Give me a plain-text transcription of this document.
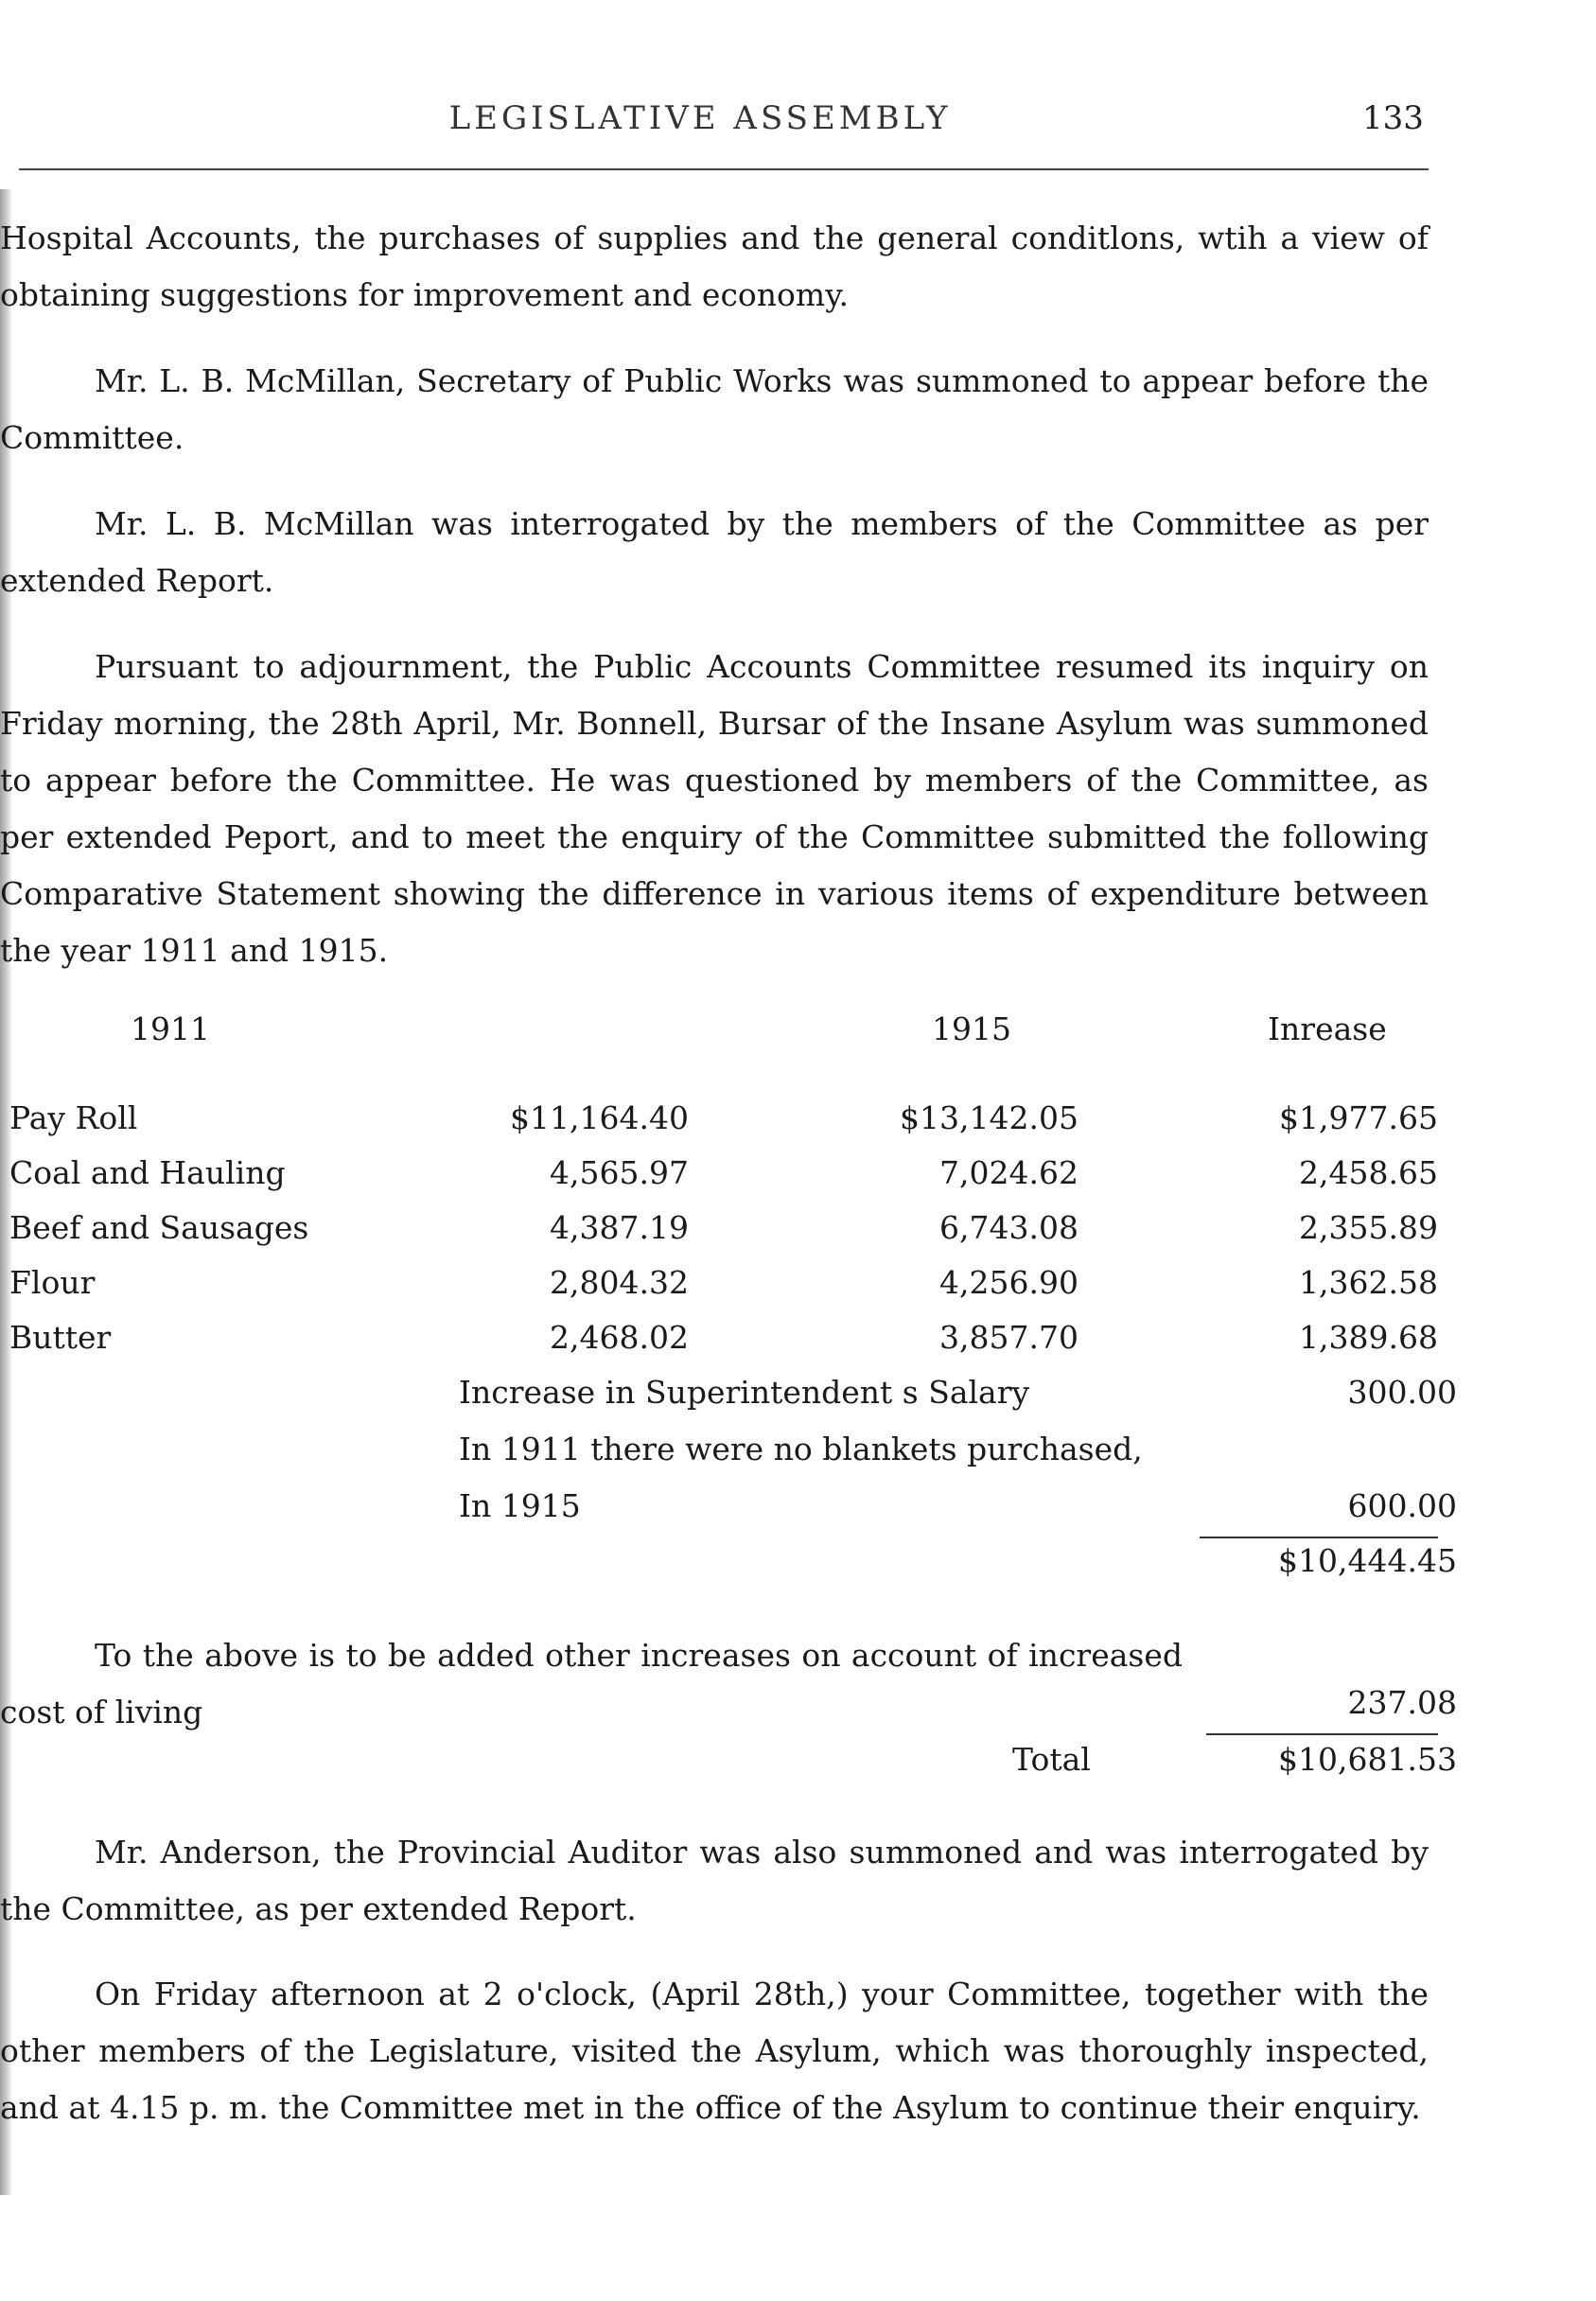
LEGISLATIVE ASSEMBLY	133

Hospital Accounts, the purchases of supplies and the general conditlons, wtih a view of obtaining suggestions for improvement and economy.

Mr. L. B. McMillan, Secretary of Public Works was summoned to appear before the Committee.

Mr. L. B. McMillan was interrogated by the members of the Committee as per extended Report.

Pursuant to adjournment, the Public Accounts Committee resumed its inquiry on Friday morning, the 28th April, Mr. Bonnell, Bursar of the Insane Asylum was summoned to appear before the Committee. He was questioned by members of the Committee, as per extended Peport, and to meet the enquiry of the Committee submitted the following Comparative Statement showing the difference in various items of expenditure between the year 1911 and 1915.

1911	1915	Inrease
Pay Roll	$11,164.40	$13,142.05	$1,977.65
Coal and Hauling	4,565.97	7,024.62	2,458.65
Beef and Sausages	4,387.19	6,743.08	2,355.89
Flour	2,804.32	4,256.90	1,362.58
Butter	2,468.02	3,857.70	1,389.68
Increase in Superintendent s Salary	300.00
In 1911 there were no blankets purchased,
In 1915	600.00
$10,444.45

To the above is to be added other increases on account of increased cost of living	237.08
Total	$10,681.53

Mr. Anderson, the Provincial Auditor was also summoned and was interrogated by the Committee, as per extended Report.

On Friday afternoon at 2 o'clock, (April 28th,) your Committee, together with the other members of the Legislature, visited the Asylum, which was thoroughly inspected, and at 4.15 p. m. the Committee met in the office of the Asylum to continue their enquiry.
